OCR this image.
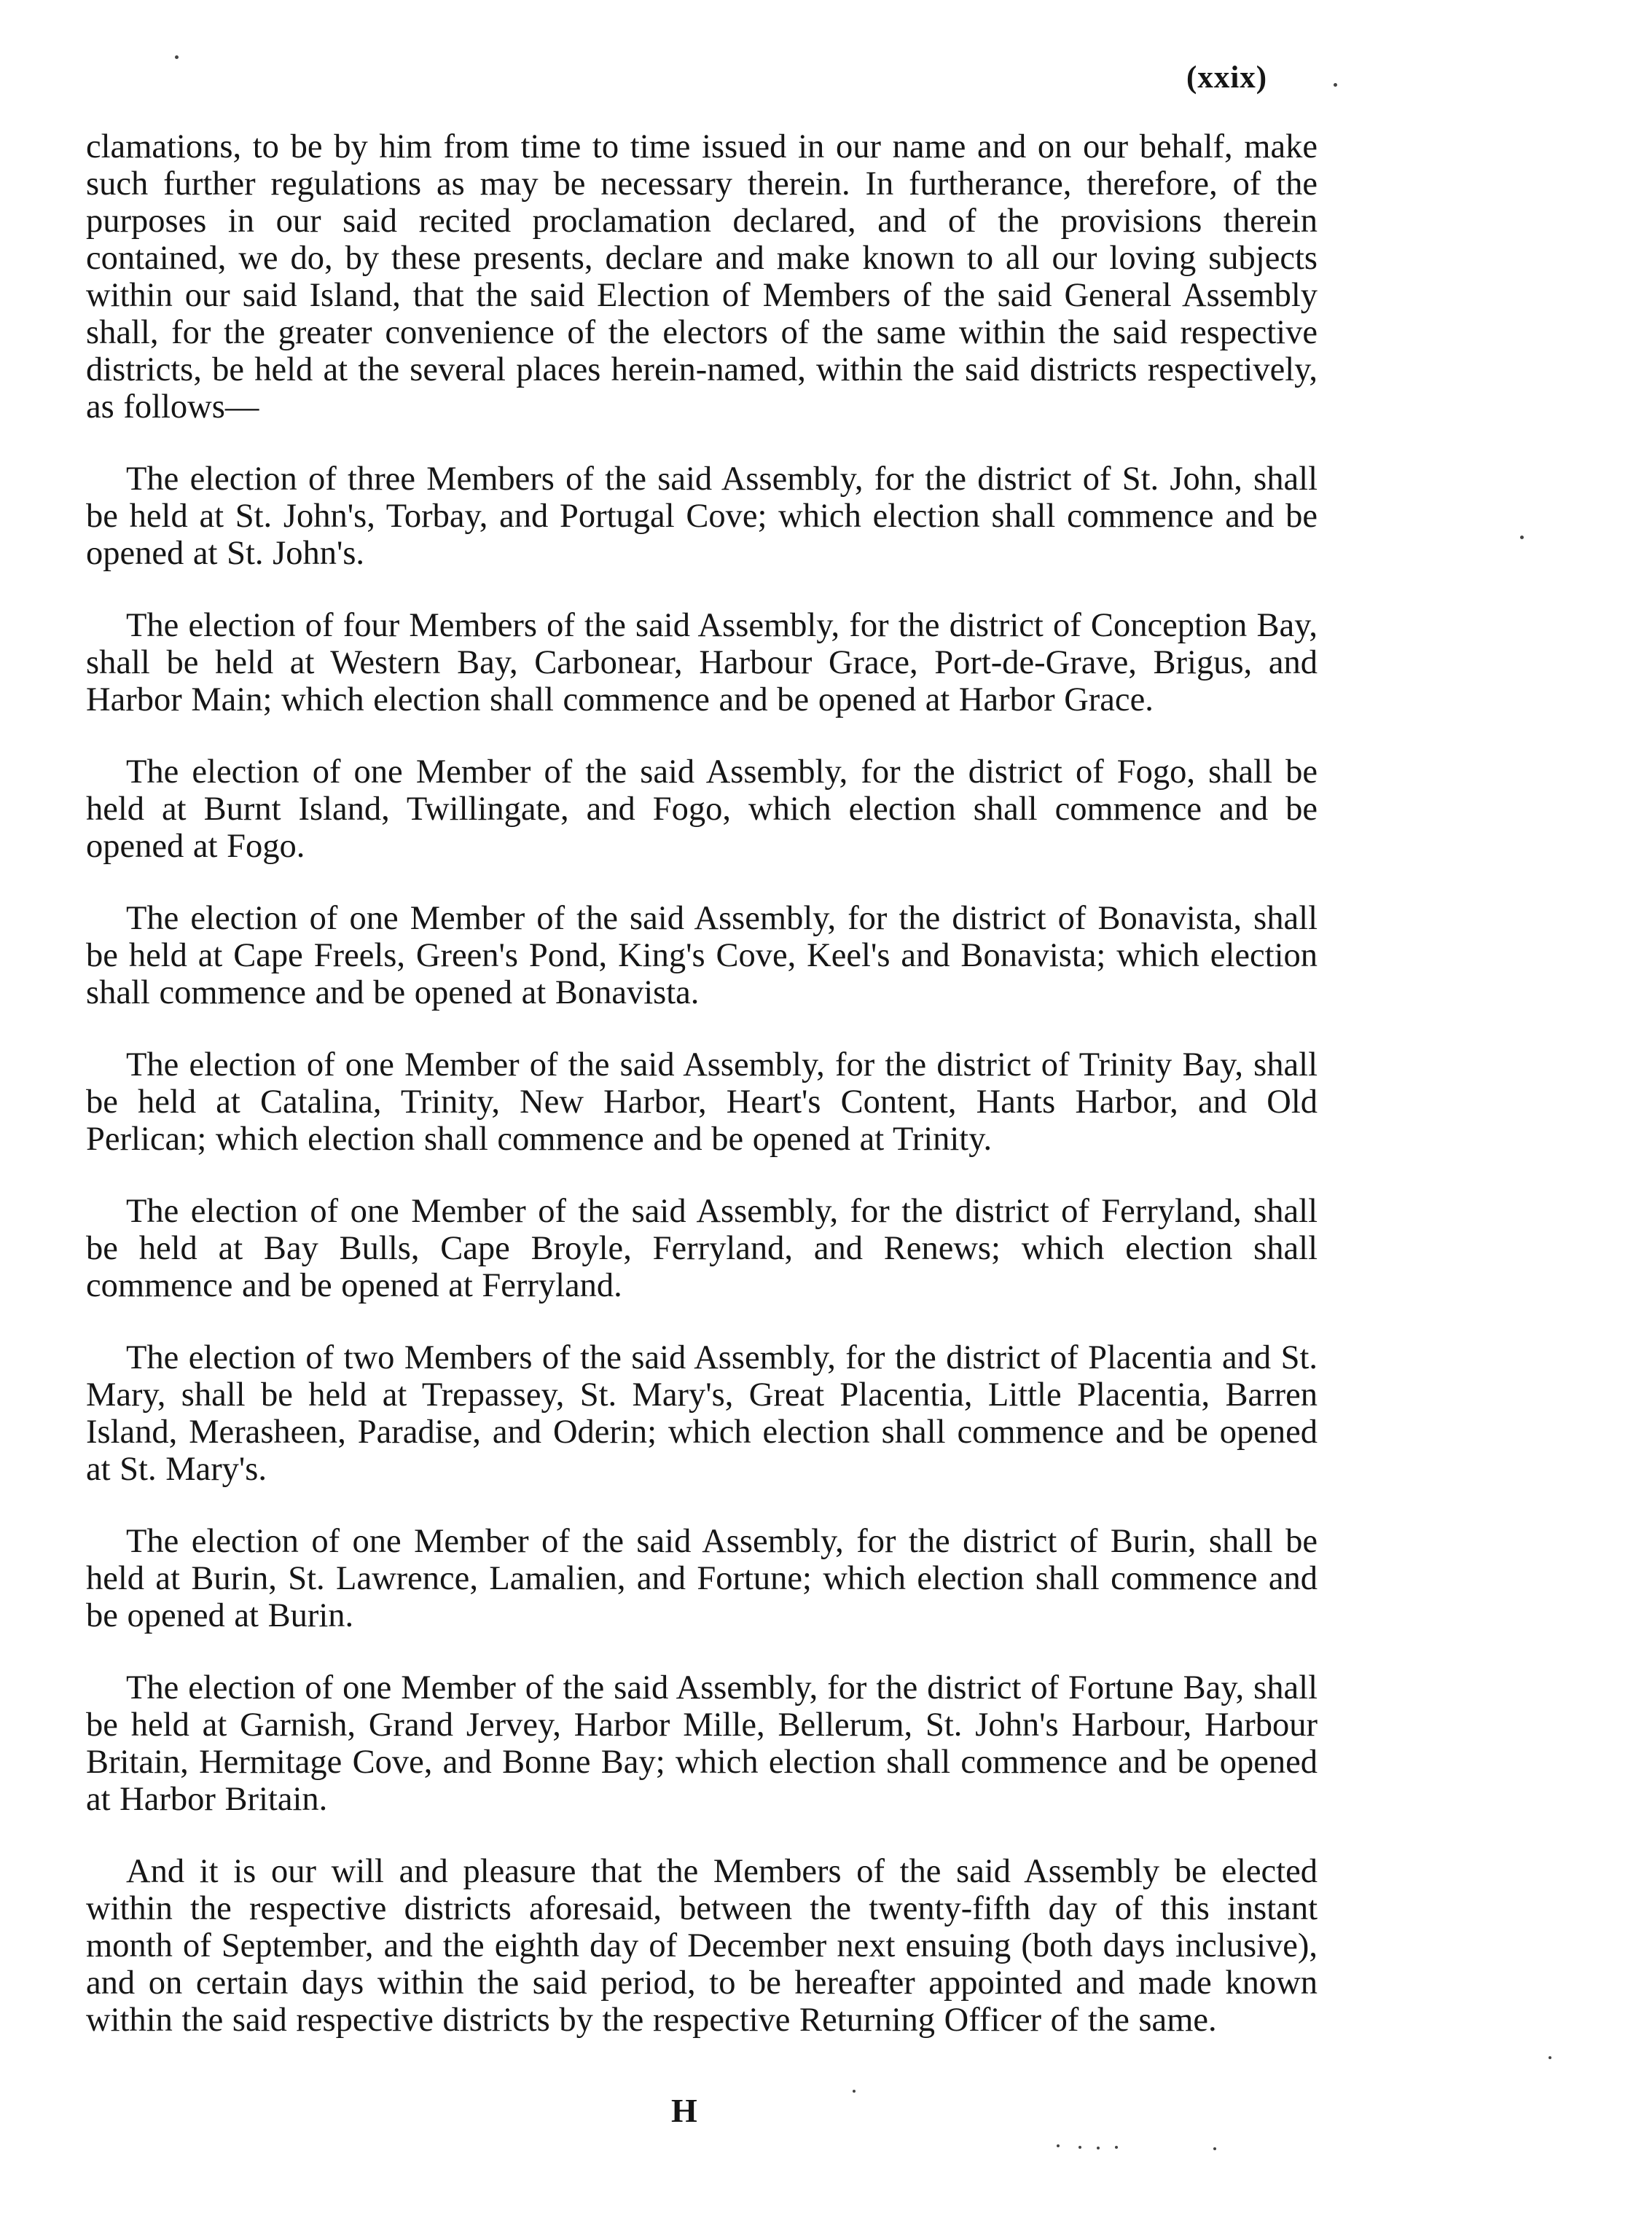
(xxix)

clamations, to be by him from time to time issued in our name and on our behalf, make such further regulations as may be necessary therein. In furtherance, therefore, of the purposes in our said recited proclamation declared, and of the provisions therein contained, we do, by these presents, declare and make known to all our loving subjects within our said Island, that the said Election of Members of the said General Assembly shall, for the greater convenience of the electors of the same within the said respective districts, be held at the several places herein-named, within the said districts respectively, as follows—

The election of three Members of the said Assembly, for the district of St. John, shall be held at St. John's, Torbay, and Portugal Cove; which election shall commence and be opened at St. John's.

The election of four Members of the said Assembly, for the district of Conception Bay, shall be held at Western Bay, Carbonear, Harbour Grace, Port-de-Grave, Brigus, and Harbor Main; which election shall commence and be opened at Harbor Grace.

The election of one Member of the said Assembly, for the district of Fogo, shall be held at Burnt Island, Twillingate, and Fogo, which election shall commence and be opened at Fogo.

The election of one Member of the said Assembly, for the district of Bonavista, shall be held at Cape Freels, Green's Pond, King's Cove, Keel's and Bonavista; which election shall commence and be opened at Bonavista.

The election of one Member of the said Assembly, for the district of Trinity Bay, shall be held at Catalina, Trinity, New Harbor, Heart's Content, Hants Harbor, and Old Perlican; which election shall commence and be opened at Trinity.

The election of one Member of the said Assembly, for the district of Ferryland, shall be held at Bay Bulls, Cape Broyle, Ferryland, and Renews; which election shall commence and be opened at Ferryland.

The election of two Members of the said Assembly, for the district of Placentia and St. Mary, shall be held at Trepassey, St. Mary's, Great Placentia, Little Placentia, Barren Island, Merasheen, Paradise, and Oderin; which election shall commence and be opened at St. Mary's.

The election of one Member of the said Assembly, for the district of Burin, shall be held at Burin, St. Lawrence, Lamalien, and Fortune; which election shall commence and be opened at Burin.

The election of one Member of the said Assembly, for the district of Fortune Bay, shall be held at Garnish, Grand Jervey, Harbor Mille, Bellerum, St. John's Harbour, Harbour Britain, Hermitage Cove, and Bonne Bay; which election shall commence and be opened at Harbor Britain.

And it is our will and pleasure that the Members of the said Assembly be elected within the respective districts aforesaid, between the twenty-fifth day of this instant month of September, and the eighth day of December next ensuing (both days inclusive), and on certain days within the said period, to be hereafter appointed and made known within the said respective districts by the respective Returning Officer of the same.

H
